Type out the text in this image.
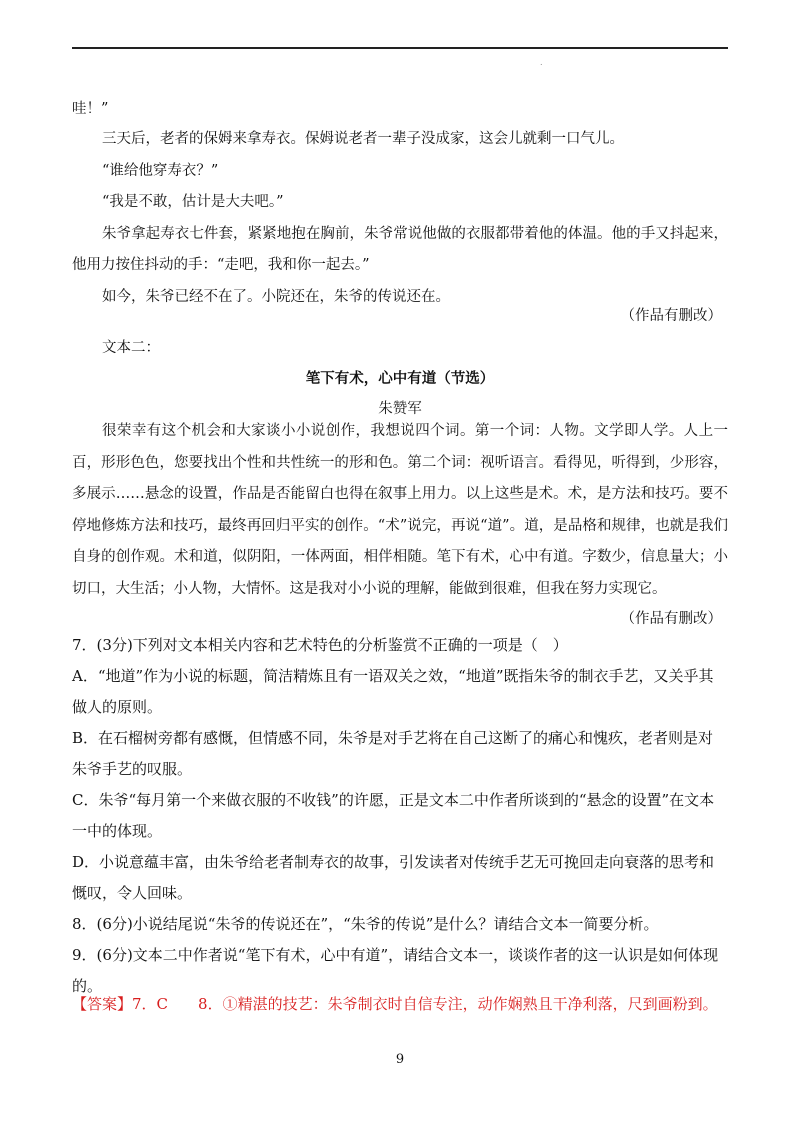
.
哇！”

三天后，老者的保姆来拿寿衣。保姆说老者一辈子没成家，这会儿就剩一口气儿。

“谁给他穿寿衣？”

“我是不敢，估计是大夫吧。”

朱爷拿起寿衣七件套，紧紧地抱在胸前，朱爷常说他做的衣服都带着他的体温。他的手又抖起来，他用力按住抖动的手：“走吧，我和你一起去。”

如今，朱爷已经不在了。小院还在，朱爷的传说还在。

（作品有删改）
文本二：
笔下有术，心中有道（节选）
朱赞军

很荣幸有这个机会和大家谈小小说创作，我想说四个词。第一个词：人物。文学即人学。人上一百，形形色色，您要找出个性和共性统一的形和色。第二个词：视听语言。看得见，听得到，少形容，多展示……悬念的设置，作品是否能留白也得在叙事上用力。以上这些是术。术，是方法和技巧。要不停地修炼方法和技巧，最终再回归平实的创作。“术”说完，再说“道”。道，是品格和规律，也就是我们自身的创作观。术和道，似阴阳，一体两面，相伴相随。笔下有术，心中有道。字数少，信息量大；小切口，大生活；小人物，大情怀。这是我对小小说的理解，能做到很难，但我在努力实现它。

（作品有删改）

7．(3分)下列对文本相关内容和艺术特色的分析鉴赏不正确的一项是（　）

A．“地道”作为小说的标题，简洁精炼且有一语双关之效，“地道”既指朱爷的制衣手艺，又关乎其做人的原则。

B．在石榴树旁都有感慨，但情感不同，朱爷是对手艺将在自己这断了的痛心和愧疚，老者则是对朱爷手艺的叹服。

C．朱爷“每月第一个来做衣服的不收钱”的许愿，正是文本二中作者所谈到的“悬念的设置”在文本一中的体现。

D．小说意蕴丰富，由朱爷给老者制寿衣的故事，引发读者对传统手艺无可挽回走向衰落的思考和慨叹，令人回味。

8．(6分)小说结尾说“朱爷的传说还在”，“朱爷的传说”是什么？请结合文本一简要分析。

9．(6分)文本二中作者说“笔下有术，心中有道”，请结合文本一，谈谈作者的这一认识是如何体现的。

【答案】7．C 8．①精湛的技艺：朱爷制衣时自信专注，动作娴熟且干净利落，尺到画粉到。
9
